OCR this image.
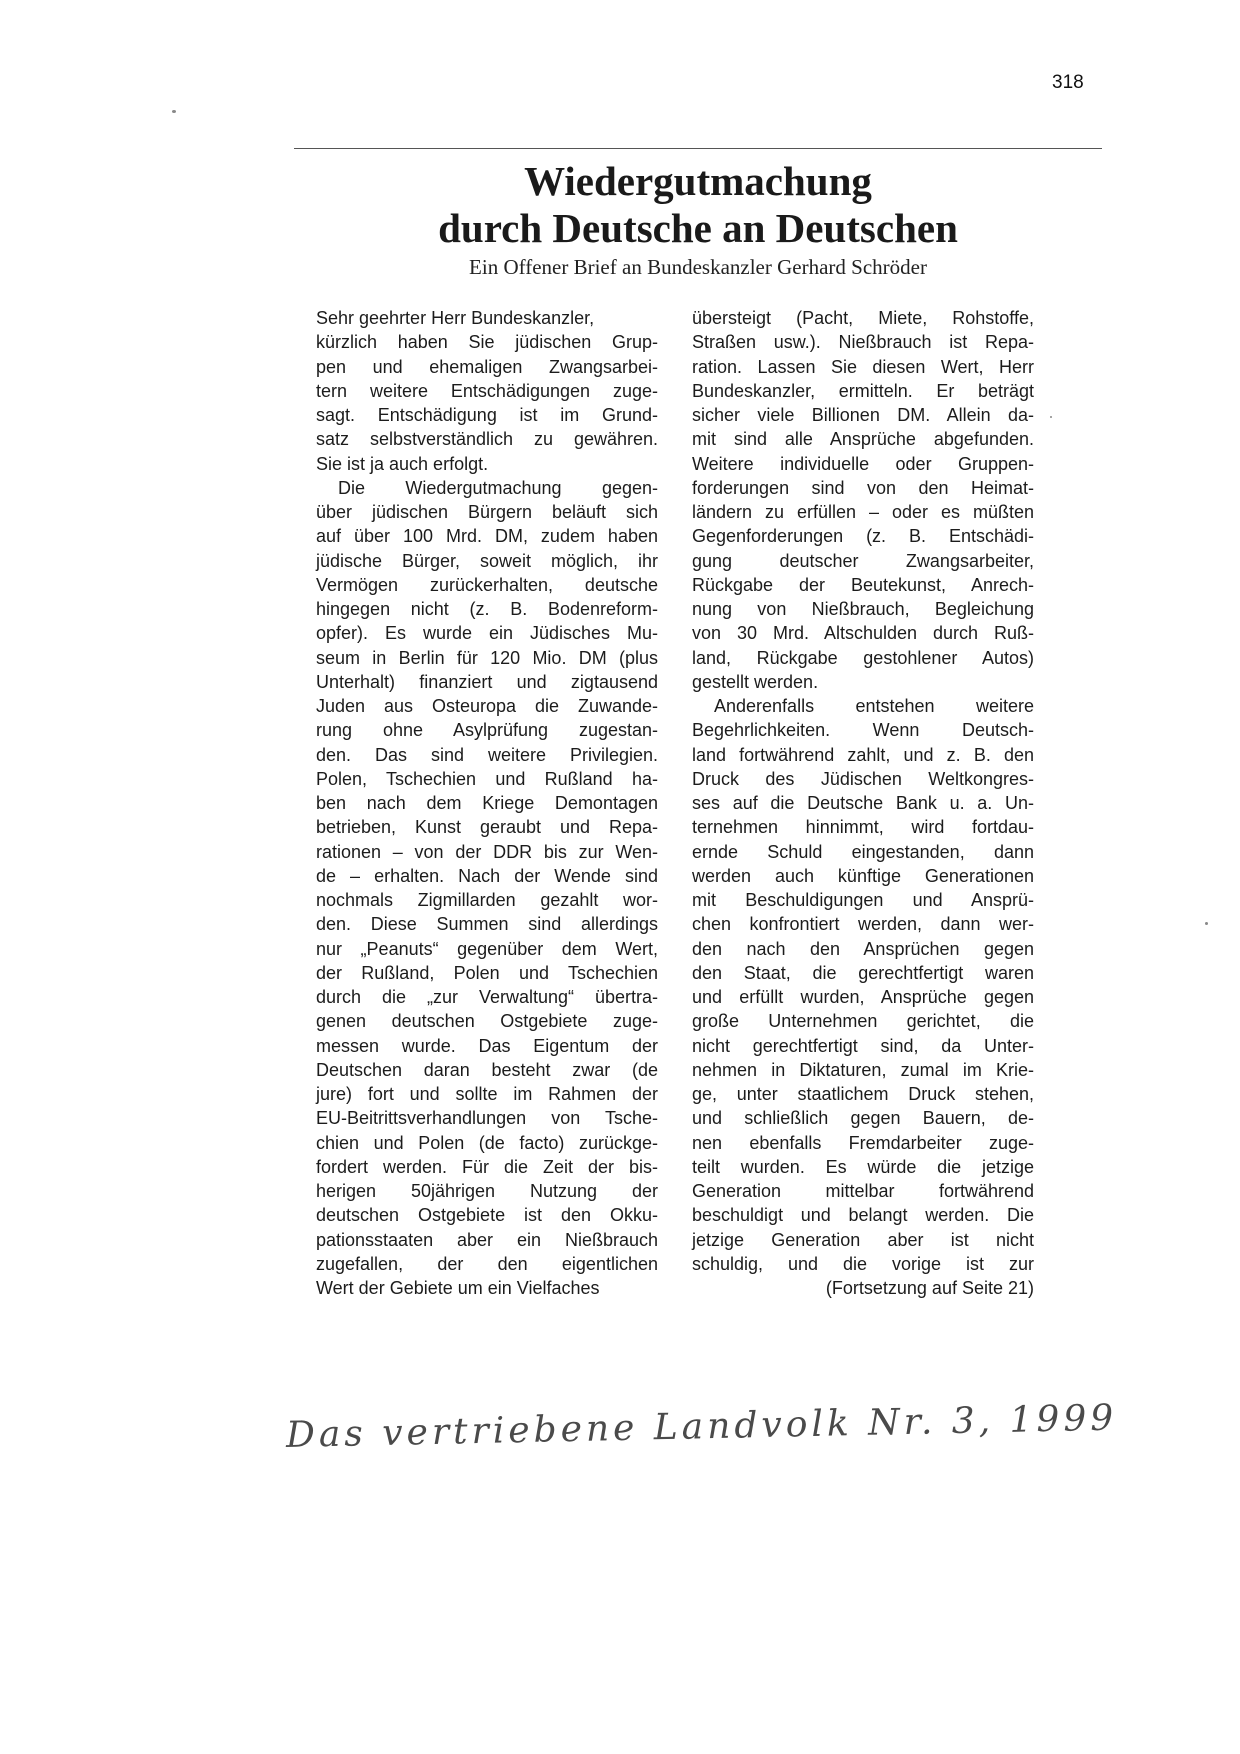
318
Wiedergutmachung
durch Deutsche an Deutschen
Ein Offener Brief an Bundeskanzler Gerhard Schröder
Sehr geehrter Herr Bundeskanzler,
kürzlich haben Sie jüdischen Grup-
pen und ehemaligen Zwangsarbei-
tern weitere Entschädigungen zuge-
sagt. Entschädigung ist im Grund-
satz selbstverständlich zu gewähren.
Sie ist ja auch erfolgt.
Die Wiedergutmachung gegen-
über jüdischen Bürgern beläuft sich
auf über 100 Mrd. DM, zudem haben
jüdische Bürger, soweit möglich, ihr
Vermögen zurückerhalten, deutsche
hingegen nicht (z. B. Bodenreform-
opfer). Es wurde ein Jüdisches Mu-
seum in Berlin für 120 Mio. DM (plus
Unterhalt) finanziert und zigtausend
Juden aus Osteuropa die Zuwande-
rung ohne Asylprüfung zugestan-
den. Das sind weitere Privilegien.
Polen, Tschechien und Rußland ha-
ben nach dem Kriege Demontagen
betrieben, Kunst geraubt und Repa-
rationen – von der DDR bis zur Wen-
de – erhalten. Nach der Wende sind
nochmals Zigmillarden gezahlt wor-
den. Diese Summen sind allerdings
nur „Peanuts“ gegenüber dem Wert,
der Rußland, Polen und Tschechien
durch die „zur Verwaltung“ übertra-
genen deutschen Ostgebiete zuge-
messen wurde. Das Eigentum der
Deutschen daran besteht zwar (de
jure) fort und sollte im Rahmen der
EU-Beitrittsverhandlungen von Tsche-
chien und Polen (de facto) zurückge-
fordert werden. Für die Zeit der bis-
herigen 50jährigen Nutzung der
deutschen Ostgebiete ist den Okku-
pationsstaaten aber ein Nießbrauch
zugefallen, der den eigentlichen
Wert der Gebiete um ein Vielfaches
übersteigt (Pacht, Miete, Rohstoffe,
Straßen usw.). Nießbrauch ist Repa-
ration. Lassen Sie diesen Wert, Herr
Bundeskanzler, ermitteln. Er beträgt
sicher viele Billionen DM. Allein da-
mit sind alle Ansprüche abgefunden.
Weitere individuelle oder Gruppen-
forderungen sind von den Heimat-
ländern zu erfüllen – oder es müßten
Gegenforderungen (z. B. Entschädi-
gung deutscher Zwangsarbeiter,
Rückgabe der Beutekunst, Anrech-
nung von Nießbrauch, Begleichung
von 30 Mrd. Altschulden durch Ruß-
land, Rückgabe gestohlener Autos)
gestellt werden.
Anderenfalls entstehen weitere
Begehrlichkeiten. Wenn Deutsch-
land fortwährend zahlt, und z. B. den
Druck des Jüdischen Weltkongres-
ses auf die Deutsche Bank u. a. Un-
ternehmen hinnimmt, wird fortdau-
ernde Schuld eingestanden, dann
werden auch künftige Generationen
mit Beschuldigungen und Ansprü-
chen konfrontiert werden, dann wer-
den nach den Ansprüchen gegen
den Staat, die gerechtfertigt waren
und erfüllt wurden, Ansprüche gegen
große Unternehmen gerichtet, die
nicht gerechtfertigt sind, da Unter-
nehmen in Diktaturen, zumal im Krie-
ge, unter staatlichem Druck stehen,
und schließlich gegen Bauern, de-
nen ebenfalls Fremdarbeiter zuge-
teilt wurden. Es würde die jetzige
Generation mittelbar fortwährend
beschuldigt und belangt werden. Die
jetzige Generation aber ist nicht
schuldig, und die vorige ist zur
(Fortsetzung auf Seite 21)
Das vertriebene Landvolk Nr. 3, 1999
